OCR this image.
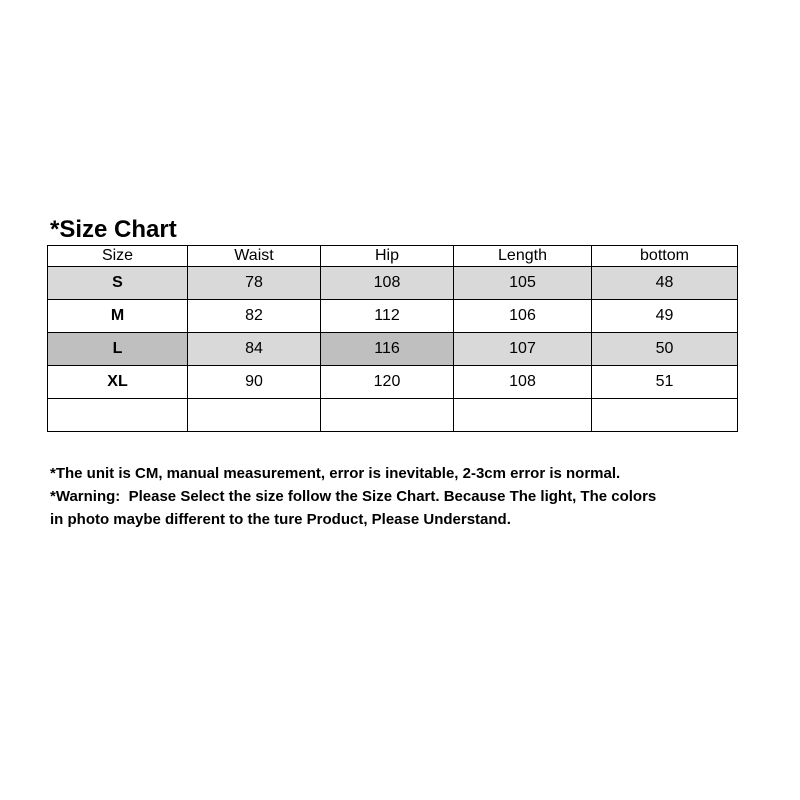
*Size Chart
Size	Waist	Hip	Length	bottom
S	78	108	105	48
M	82	112	106	49
L	84	116	107	50
XL	90	120	108	51

*The unit is CM, manual measurement, error is inevitable, 2-3cm error is normal.

*Warning:  Please Select the size follow the Size Chart. Because The light, The colors

in photo maybe different to the ture Product, Please Understand.
